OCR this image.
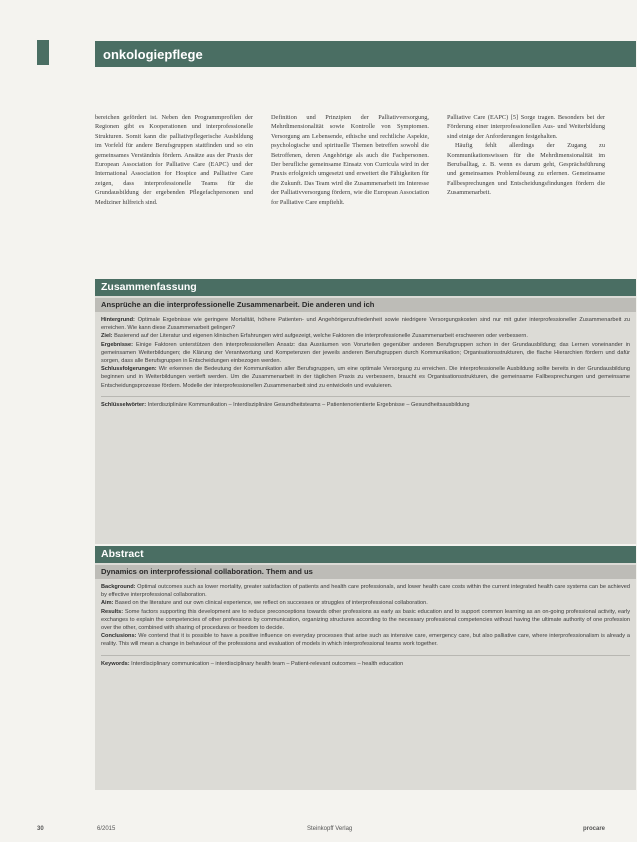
onkologiepflege

bereichen gefördert ist. Neben den Programmprofilen der Regionen gibt es Kooperationen und interprofessionelle Strukturen. Somit kann die palliativpflegerische Ausbildung im Vorfeld für andere Berufsgruppen stattfinden und so ein gemeinsames Verständnis fördern. Ansätze aus der Praxis der European Association for Palliative Care (EAPC) und der International Association for Hospice and Palliative Care zeigen, dass interprofessionelle Teams für die Grundausbildung der ergebenden Pflegefachpersonen und Mediziner hilfreich sind.

Definition und Prinzipien der Palliativversorgung, Mehrdimensionalität sowie Kontrolle von Symptomen. Versorgung am Lebensende, ethische und rechtliche Aspekte, psychologische und spirituelle Themen betreffen sowohl die Betroffenen, deren Angehörige als auch die Fachpersonen. Der berufliche gemeinsame Einsatz von Curricula wird in der Praxis erfolgreich umgesetzt und erweitert die Fähigkeiten für die Zukunft. Das Team wird die Zusammenarbeit im Interesse der Palliativversorgung fördern, wie die European Association for Palliative Care empfiehlt.

Palliative Care (EAPC) [5] Sorge tragen. Besonders bei der Förderung einer interprofessionellen Aus- und Weiterbildung sind einige der Anforderungen festgehalten.

Häufig fehlt allerdings der Zugang zu Kommunikationswissen für die Mehrdimensionalität im Berufsalltag, z. B. wenn es darum geht, Gesprächsführung und gemeinsames Problemlösung zu erlernen. Gemeinsame Fallbesprechungen und Entscheidungsfindungen fördern die Zusammenarbeit.

Zusammenfassung
Ansprüche an die interprofessionelle Zusammenarbeit. Die anderen und ich

Hintergrund: Optimale Ergebnisse wie geringere Mortalität, höhere Patienten- und Angehörigenzufriedenheit sowie niedrigere Versorgungskosten sind nur mit guter interprofessioneller Zusammenarbeit zu erreichen. Wie kann diese Zusammenarbeit gelingen?

Ziel: Basierend auf der Literatur und eigenen klinischen Erfahrungen wird aufgezeigt, welche Faktoren die interprofessionelle Zusammenarbeit erschweren oder verbessern.

Ergebnisse: Einige Faktoren unterstützen den interprofessionellen Ansatz: das Ausräumen von Vorurteilen gegenüber anderen Berufsgruppen schon in der Grundausbildung; das Lernen voneinander in gemeinsamen Weiterbildungen; die Klärung der Verantwortung und Kompetenzen der jeweils anderen Berufsgruppen durch Kommunikation; Organisationsstrukturen, die flache Hierarchien fördern und dafür sorgen, dass alle Berufsgruppen in Entscheidungen einbezogen werden.

Schlussfolgerungen: Wir erkennen die Bedeutung der Kommunikation aller Berufsgruppen, um eine optimale Versorgung zu erreichen. Die interprofessionelle Ausbildung sollte bereits in der Grundausbildung beginnen und in Weiterbildungen vertieft werden. Um die Zusammenarbeit in der täglichen Praxis zu verbessern, braucht es Organisationsstrukturen, die gemeinsame Fallbesprechungen und gemeinsame Entscheidungsprozesse fördern. Modelle der interprofessionellen Zusammenarbeit sind zu entwickeln und evaluieren.

Schlüsselwörter: Interdisziplinäre Kommunikation – Interdisziplinäre Gesundheitsteams – Patientenorientierte Ergebnisse – Gesundheitsausbildung

Abstract
Dynamics on interprofessional collaboration. Them and us

Background: Optimal outcomes such as lower mortality, greater satisfaction of patients and health care professionals, and lower health care costs within the current integrated health care systems can be achieved by effective interprofessional collaboration.

Aim: Based on the literature and our own clinical experience, we reflect on successes or struggles of interprofessional collaboration.

Results: Some factors supporting this development are to reduce preconceptions towards other professions as early as basic education and to support common learning as an on-going professional activity, early exchanges to explain the competencies of other professions by communication, organizing structures according to the necessary professional competencies without having the ultimate authority of one profession over the other, combined with sharing of procedures or freedom to decide.

Conclusions: We contend that it is possible to have a positive influence on everyday processes that arise such as intensive care, emergency care, but also palliative care, where interprofessionalism is already a reality. This will mean a change in behaviour of the professions and evaluation of models in which interprofessional teams work together.

Keywords: Interdisciplinary communication – interdisciplinary health team – Patient-relevant outcomes – health education

30	6/2015	Steinkopff Verlag	procare
